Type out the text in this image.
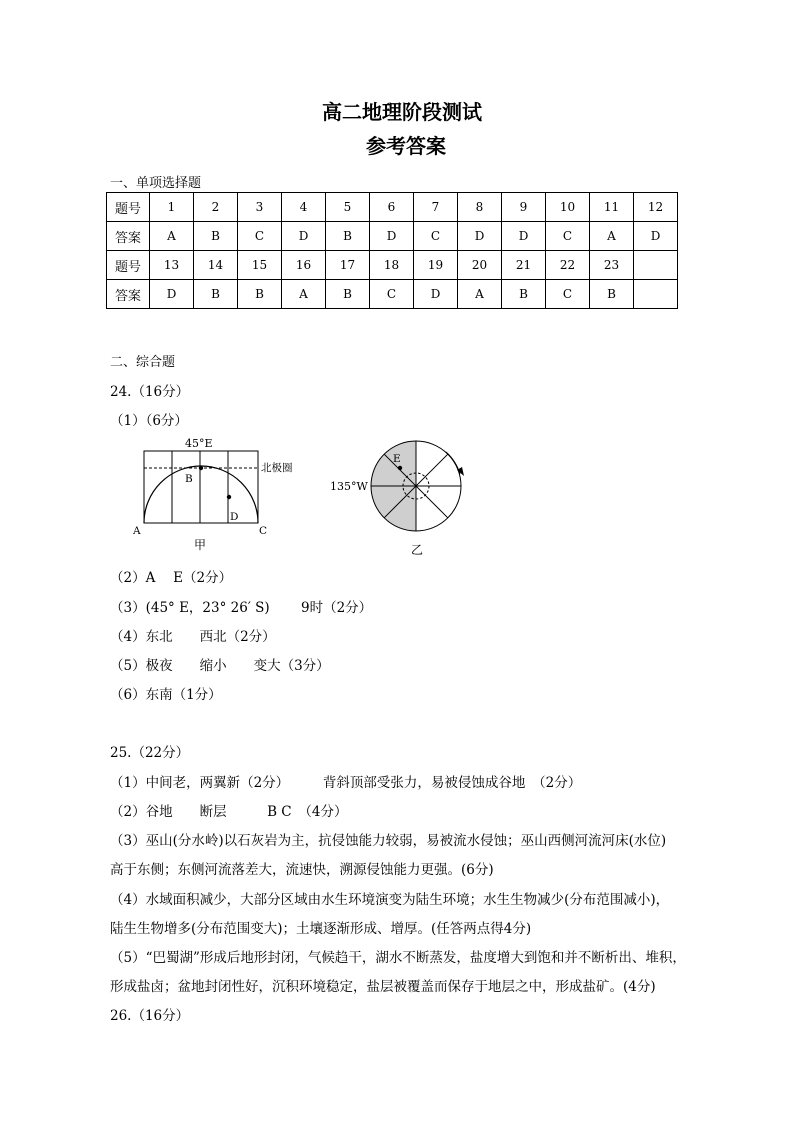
高二地理阶段测试
参考答案
一、单项选择题
题号	1	2	3	4	5	6	7	8	9	10	11	12
答案	A	B	C	D	B	D	C	D	D	C	A	D
题号	13	14	15	16	17	18	19	20	21	22	23	
答案	D	B	B	A	B	C	D	A	B	C	B	
二、综合题
24.（16分）
（1）（6分）
45°E
北极圈
B
D
A	C
甲
E
135°W
乙
（2）A　 E（2分）
（3）(45° E，23° 26′ S)　　 9时（2分）
（4）东北　　西北（2分）
（5）极夜　　缩小　　变大（3分）
（6）东南（1分）
25.（22分）
（1）中间老，两翼新（2分）　　　背斜顶部受张力，易被侵蚀成谷地　（2分）
（2）谷地　　断层　　　B C　（4分）
（3）巫山(分水岭)以石灰岩为主，抗侵蚀能力较弱，易被流水侵蚀；巫山西侧河流河床(水位)
高于东侧；东侧河流落差大，流速快，溯源侵蚀能力更强。(6分)
（4）水域面积减少，大部分区域由水生环境演变为陆生环境；水生生物减少(分布范围减小)，
陆生生物增多(分布范围变大)；土壤逐渐形成、增厚。(任答两点得4分)
（5）“巴蜀湖”形成后地形封闭，气候趋干，湖水不断蒸发，盐度增大到饱和并不断析出、堆积，
形成盐卤；盆地封闭性好，沉积环境稳定，盐层被覆盖而保存于地层之中，形成盐矿。(4分)
26.（16分）
